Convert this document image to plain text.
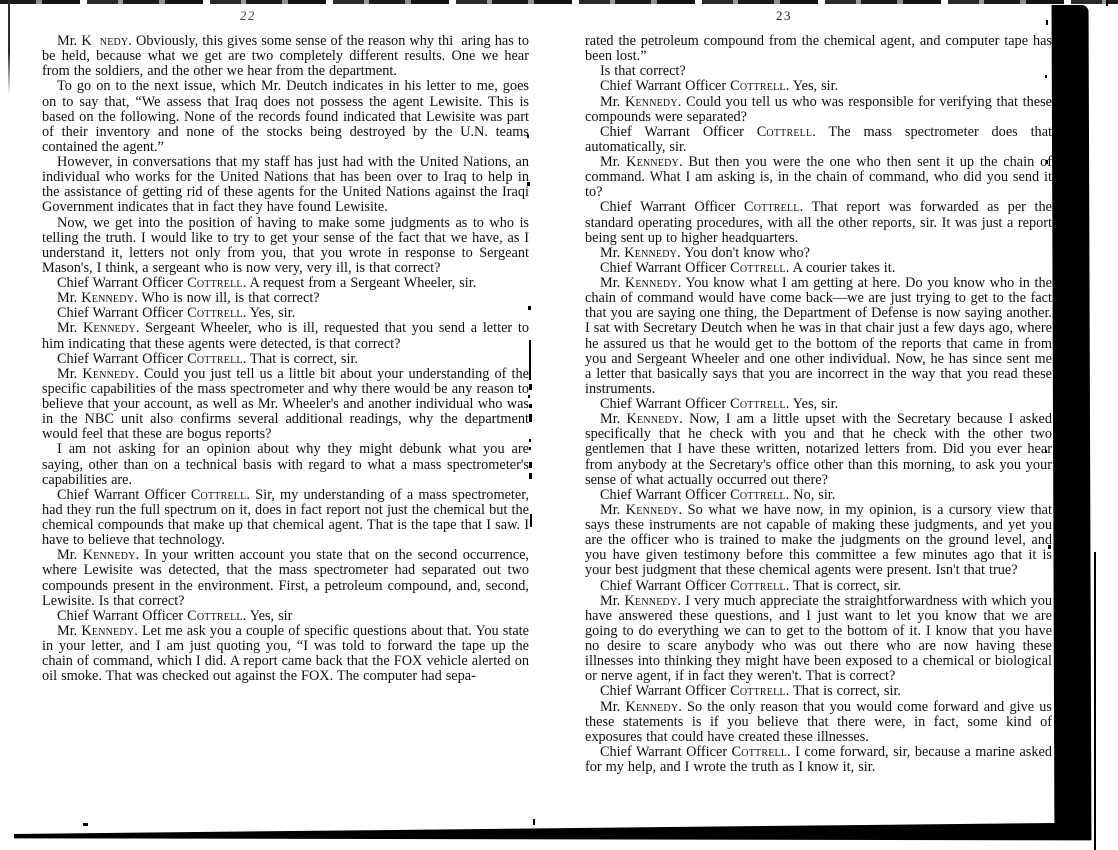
22	23

Mr. K  nedy. Obviously, this gives some sense of the reason why thi  aring has to be held, because what we get are two completely different results. One we hear from the soldiers, and the other we hear from the department.

To go on to the next issue, which Mr. Deutch indicates in his letter to me, goes on to say that, “We assess that Iraq does not possess the agent Lewisite. This is based on the following. None of the records found indicated that Lewisite was part of their inventory and none of the stocks being destroyed by the U.N. teams contained the agent.”

However, in conversations that my staff has just had with the United Nations, an individual who works for the United Nations that has been over to Iraq to help in the assistance of getting rid of these agents for the United Nations against the Iraqi Government indicates that in fact they have found Lewisite.

Now, we get into the position of having to make some judgments as to who is telling the truth. I would like to try to get your sense of the fact that we have, as I understand it, letters not only from you, that you wrote in response to Sergeant Mason's, I think, a sergeant who is now very, very ill, is that correct?

Chief Warrant Officer Cottrell. A request from a Sergeant Wheeler, sir.

Mr. Kennedy. Who is now ill, is that correct?

Chief Warrant Officer Cottrell. Yes, sir.

Mr. Kennedy. Sergeant Wheeler, who is ill, requested that you send a letter to him indicating that these agents were detected, is that correct?

Chief Warrant Officer Cottrell. That is correct, sir.

Mr. Kennedy. Could you just tell us a little bit about your understanding of the specific capabilities of the mass spectrometer and why there would be any reason to believe that your account, as well as Mr. Wheeler's and another individual who was in the NBC unit also confirms several additional readings, why the department would feel that these are bogus reports?

I am not asking for an opinion about why they might debunk what you are saying, other than on a technical basis with regard to what a mass spectrometer's capabilities are.

Chief Warrant Officer Cottrell. Sir, my understanding of a mass spectrometer, had they run the full spectrum on it, does in fact report not just the chemical but the chemical compounds that make up that chemical agent. That is the tape that I saw. I have to believe that technology.

Mr. Kennedy. In your written account you state that on the second occurrence, where Lewisite was detected, that the mass spectrometer had separated out two compounds present in the environment. First, a petroleum compound, and, second, Lewisite. Is that correct?

Chief Warrant Officer Cottrell. Yes, sir

Mr. Kennedy. Let me ask you a couple of specific questions about that. You state in your letter, and I am just quoting you, “I was told to forward the tape up the chain of command, which I did. A report came back that the FOX vehicle alerted on oil smoke. That was checked out against the FOX. The computer had sepa-

rated the petroleum compound from the chemical agent, and computer tape has been lost.”

Is that correct?

Chief Warrant Officer Cottrell. Yes, sir.

Mr. Kennedy. Could you tell us who was responsible for verifying that these compounds were separated?

Chief Warrant Officer Cottrell. The mass spectrometer does that automatically, sir.

Mr. Kennedy. But then you were the one who then sent it up the chain of command. What I am asking is, in the chain of command, who did you send it to?

Chief Warrant Officer Cottrell. That report was forwarded as per the standard operating procedures, with all the other reports, sir. It was just a report being sent up to higher headquarters.

Mr. Kennedy. You don't know who?

Chief Warrant Officer Cottrell. A courier takes it.

Mr. Kennedy. You know what I am getting at here. Do you know who in the chain of command would have come back—we are just trying to get to the fact that you are saying one thing, the Department of Defense is now saying another. I sat with Secretary Deutch when he was in that chair just a few days ago, where he assured us that he would get to the bottom of the reports that came in from you and Sergeant Wheeler and one other individual. Now, he has since sent me a letter that basically says that you are incorrect in the way that you read these instruments.

Chief Warrant Officer Cottrell. Yes, sir.

Mr. Kennedy. Now, I am a little upset with the Secretary because I asked specifically that he check with you and that he check with the other two gentlemen that I have these written, notarized letters from. Did you ever hear from anybody at the Secretary's office other than this morning, to ask you your sense of what actually occurred out there?

Chief Warrant Officer Cottrell. No, sir.

Mr. Kennedy. So what we have now, in my opinion, is a cursory view that says these instruments are not capable of making these judgments, and yet you are the officer who is trained to make the judgments on the ground level, and you have given testimony before this committee a few minutes ago that it is your best judgment that these chemical agents were present. Isn't that true?

Chief Warrant Officer Cottrell. That is correct, sir.

Mr. Kennedy. I very much appreciate the straightforwardness with which you have answered these questions, and I just want to let you know that we are going to do everything we can to get to the bottom of it. I know that you have no desire to scare anybody who was out there who are now having these illnesses into thinking they might have been exposed to a chemical or biological or nerve agent, if in fact they weren't. That is correct?

Chief Warrant Officer Cottrell. That is correct, sir.

Mr. Kennedy. So the only reason that you would come forward and give us these statements is if you believe that there were, in fact, some kind of exposures that could have created these illnesses.

Chief Warrant Officer Cottrell. I come forward, sir, because a marine asked for my help, and I wrote the truth as I know it, sir.
